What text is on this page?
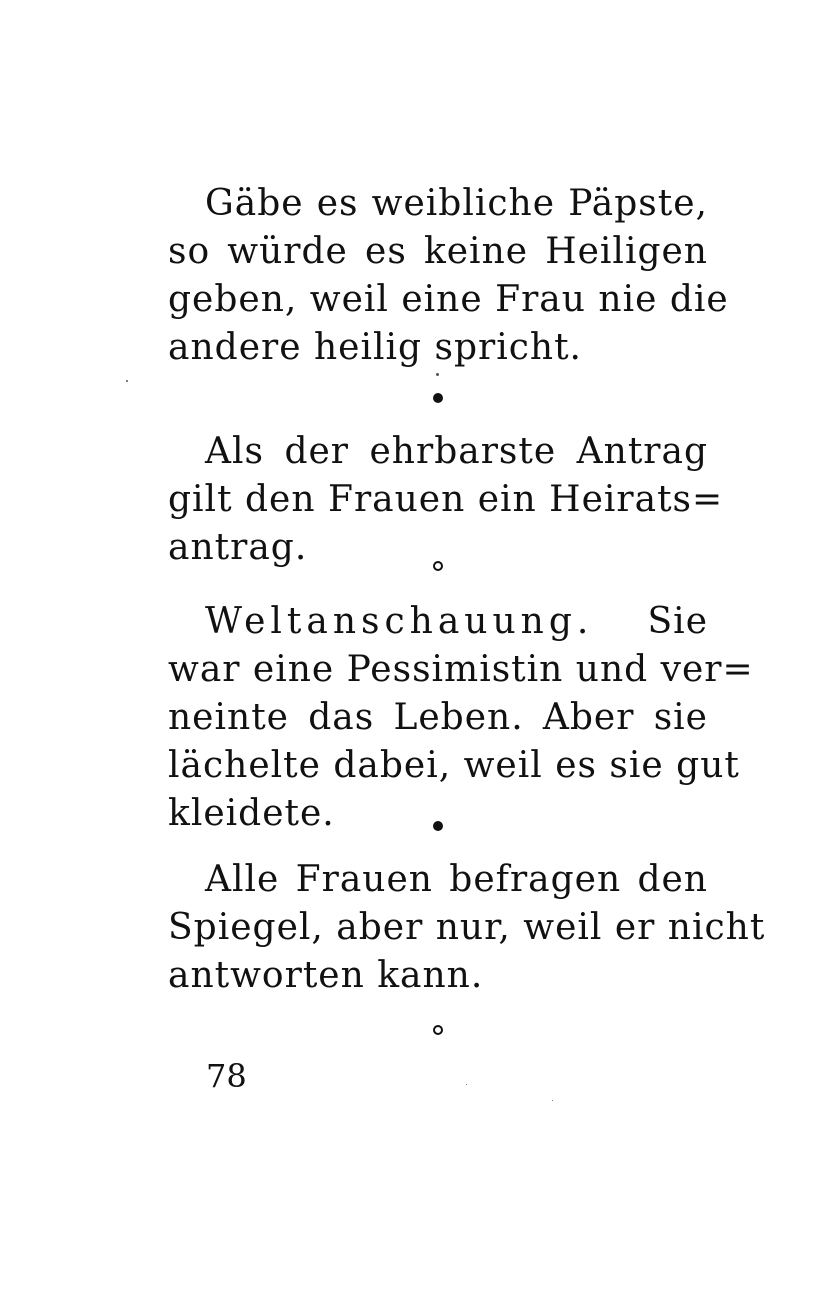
Gäbe es weibliche Päpste,
so würde es keine Heiligen
geben, weil eine Frau nie die
andere heilig spricht.
Als der ehrbarste Antrag
gilt den Frauen ein Heirats=
antrag.
Weltanschauung. Sie
war eine Pessimistin und ver=
neinte das Leben. Aber sie
lächelte dabei, weil es sie gut
kleidete.
Alle Frauen befragen den
Spiegel, aber nur, weil er nicht
antworten kann.
78
